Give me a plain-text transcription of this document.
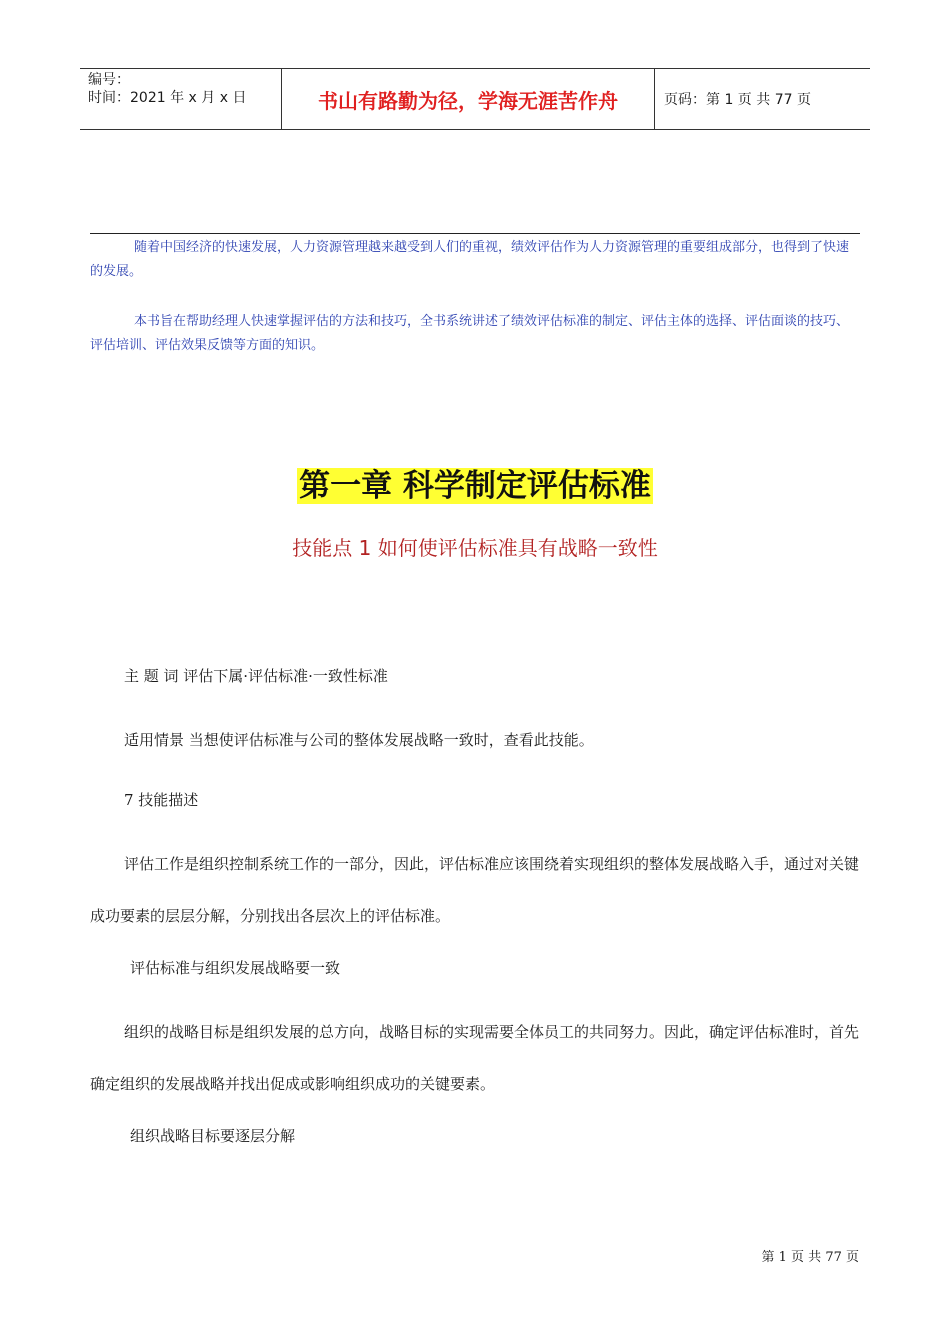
编号：
时间：2021 年 x 月 x 日	书山有路勤为径，学海无涯苦作舟	页码：第 1 页 共 77 页

随着中国经济的快速发展，人力资源管理越来越受到人们的重视，绩效评估作为人力资源管理的重要组成部分，也得到了快速的发展。

本书旨在帮助经理人快速掌握评估的方法和技巧，全书系统讲述了绩效评估标准的制定、评估主体的选择、评估面谈的技巧、评估培训、评估效果反馈等方面的知识。

第一章 科学制定评估标准
技能点 1 如何使评估标准具有战略一致性

主 题 词 评估下属·评估标准·一致性标准

适用情景 当想使评估标准与公司的整体发展战略一致时，查看此技能。

7 技能描述

评估工作是组织控制系统工作的一部分，因此，评估标准应该围绕着实现组织的整体发展战略入手，通过对关键成功要素的层层分解，分别找出各层次上的评估标准。

评估标准与组织发展战略要一致

组织的战略目标是组织发展的总方向，战略目标的实现需要全体员工的共同努力。因此，确定评估标准时，首先确定组织的发展战略并找出促成或影响组织成功的关键要素。

组织战略目标要逐层分解

第 1 页 共 77 页
